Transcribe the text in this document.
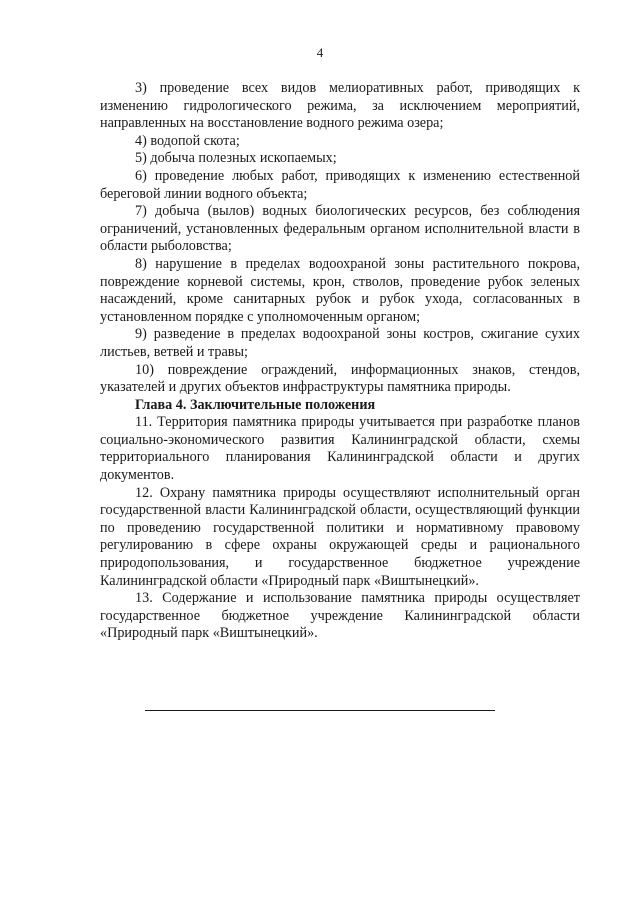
4

3) проведение всех видов мелиоративных работ, приводящих к изменению гидрологического режима, за исключением мероприятий, направленных на восстановление водного режима озера;

4) водопой скота;

5) добыча полезных ископаемых;

6) проведение любых работ, приводящих к изменению естественной береговой линии водного объекта;

7) добыча (вылов) водных биологических ресурсов, без соблюдения ограничений, установленных федеральным органом исполнительной власти в области рыболовства;

8) нарушение в пределах водоохраной зоны растительного покрова, повреждение корневой системы, крон, стволов, проведение рубок зеленых насаждений, кроме санитарных рубок и рубок ухода, согласованных в установленном порядке с уполномоченным органом;

9) разведение в пределах водоохраной зоны костров, сжигание сухих листьев, ветвей и травы;

10) повреждение ограждений, информационных знаков, стендов, указателей и других объектов инфраструктуры памятника природы.

Глава 4. Заключительные положения

11. Территория памятника природы учитывается при разработке планов социально-экономического развития Калининградской области, схемы территориального планирования Калининградской области и других документов.

12. Охрану памятника природы осуществляют исполнительный орган государственной власти Калининградской области, осуществляющий функции по проведению государственной политики и нормативному правовому регулированию в сфере охраны окружающей среды и рационального природопользования, и государственное бюджетное учреждение Калининградской области «Природный парк «Виштынецкий».

13. Содержание и использование памятника природы осуществляет государственное бюджетное учреждение Калининградской области «Природный парк «Виштынецкий».
